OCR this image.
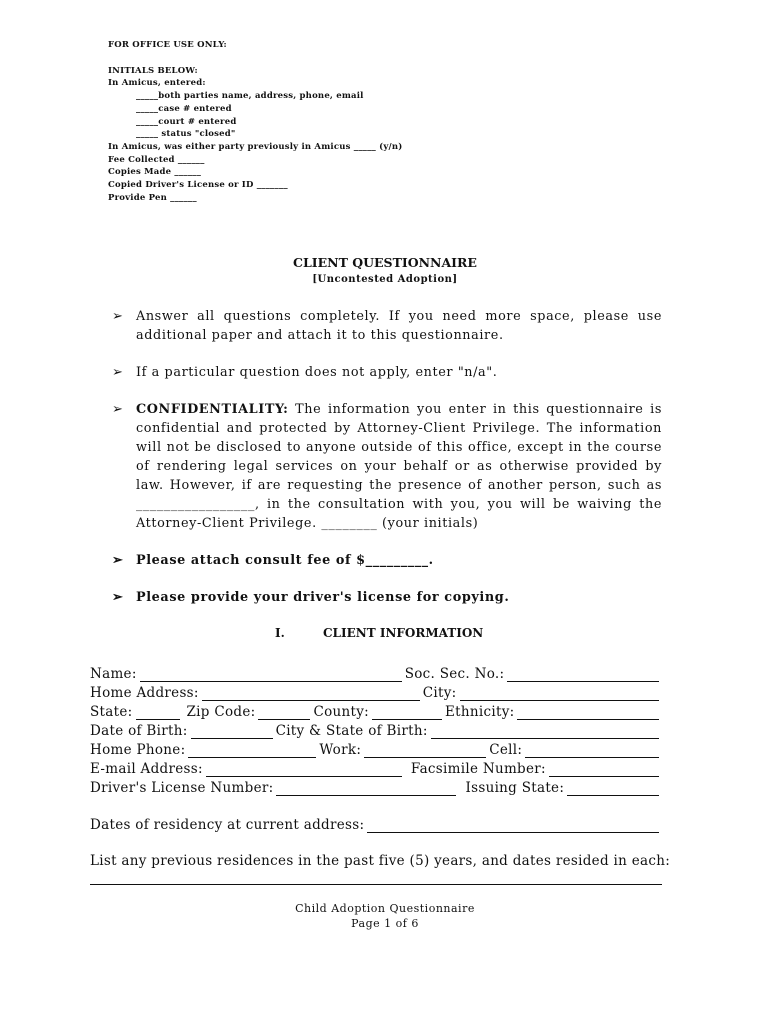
FOR OFFICE USE ONLY:
INITIALS BELOW:
In Amicus, entered:
_____both parties name, address, phone, email
_____case # entered
_____court # entered
_____ status "closed"
In Amicus, was either party previously in Amicus _____ (y/n)
Fee Collected ______
Copies Made ______
Copied Driver's License or ID _______
Provide Pen ______
CLIENT QUESTIONNAIRE
[Uncontested Adoption]
➢ Answer all questions completely. If you need more space, please use additional paper and attach it to this questionnaire.
➢ If a particular question does not apply, enter "n/a".
➢ CONFIDENTIALITY: The information you enter in this questionnaire is confidential and protected by Attorney-Client Privilege. The information will not be disclosed to anyone outside of this office, except in the course of rendering legal services on your behalf or as otherwise provided by law. However, if are requesting the presence of another person, such as _________________, in the consultation with you, you will be waiving the Attorney-Client Privilege. ________ (your initials)
➢ Please attach consult fee of $_________.
➢ Please provide your driver's license for copying.
I.	CLIENT INFORMATION
Name:	Soc. Sec. No.:
Home Address:	City:
State:	Zip Code:	County:	Ethnicity:
Date of Birth:	City & State of Birth:
Home Phone:	Work:	Cell:
E-mail Address:	Facsimile Number:
Driver's License Number:	Issuing State:
Dates of residency at current address:
List any previous residences in the past five (5) years, and dates resided in each:
Child Adoption Questionnaire
Page 1 of 6
